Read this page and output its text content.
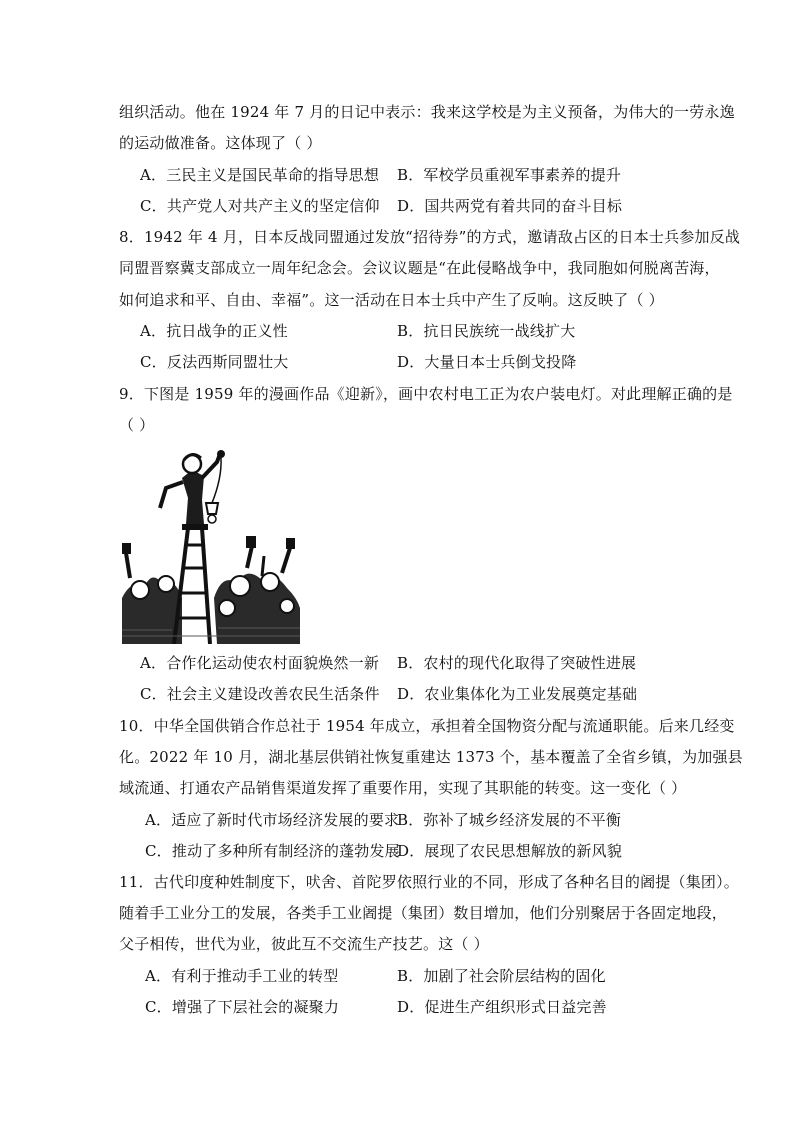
组织活动。他在 1924 年 7 月的日记中表示：我来这学校是为主义预备，为伟大的一劳永逸
的运动做准备。这体现了（ ）
A．三民主义是国民革命的指导思想 B．军校学员重视军事素养的提升
C．共产党人对共产主义的坚定信仰 D．国共两党有着共同的奋斗目标
8．1942 年 4 月，日本反战同盟通过发放“招待券”的方式，邀请敌占区的日本士兵参加反战
同盟晋察冀支部成立一周年纪念会。会议议题是“在此侵略战争中，我同胞如何脱离苦海，
如何追求和平、自由、幸福”。这一活动在日本士兵中产生了反响。这反映了（ ）
A．抗日战争的正义性	B．抗日民族统一战线扩大
C．反法西斯同盟壮大	D．大量日本士兵倒戈投降
9．下图是 1959 年的漫画作品《迎新》，画中农村电工正为农户装电灯。对此理解正确的是
（ ）
A．合作化运动使农村面貌焕然一新 B．农村的现代化取得了突破性进展
C．社会主义建设改善农民生活条件 D．农业集体化为工业发展奠定基础
10．中华全国供销合作总社于 1954 年成立，承担着全国物资分配与流通职能。后来几经变
化。2022 年 10 月，湖北基层供销社恢复重建达 1373 个，基本覆盖了全省乡镇，为加强县
域流通、打通农产品销售渠道发挥了重要作用，实现了其职能的转变。这一变化（ ）
A．适应了新时代市场经济发展的要求
B．弥补了城乡经济发展的不平衡
C．推动了多种所有制经济的蓬勃发展
D．展现了农民思想解放的新风貌
11．古代印度种姓制度下，吠舍、首陀罗依照行业的不同，形成了各种名目的阇提（集团）。
随着手工业分工的发展，各类手工业阇提（集团）数目增加，他们分别聚居于各固定地段，
父子相传，世代为业，彼此互不交流生产技艺。这（ ）
A．有利于推动手工业的转型	B．加剧了社会阶层结构的固化
C．增强了下层社会的凝聚力	D．促进生产组织形式日益完善
